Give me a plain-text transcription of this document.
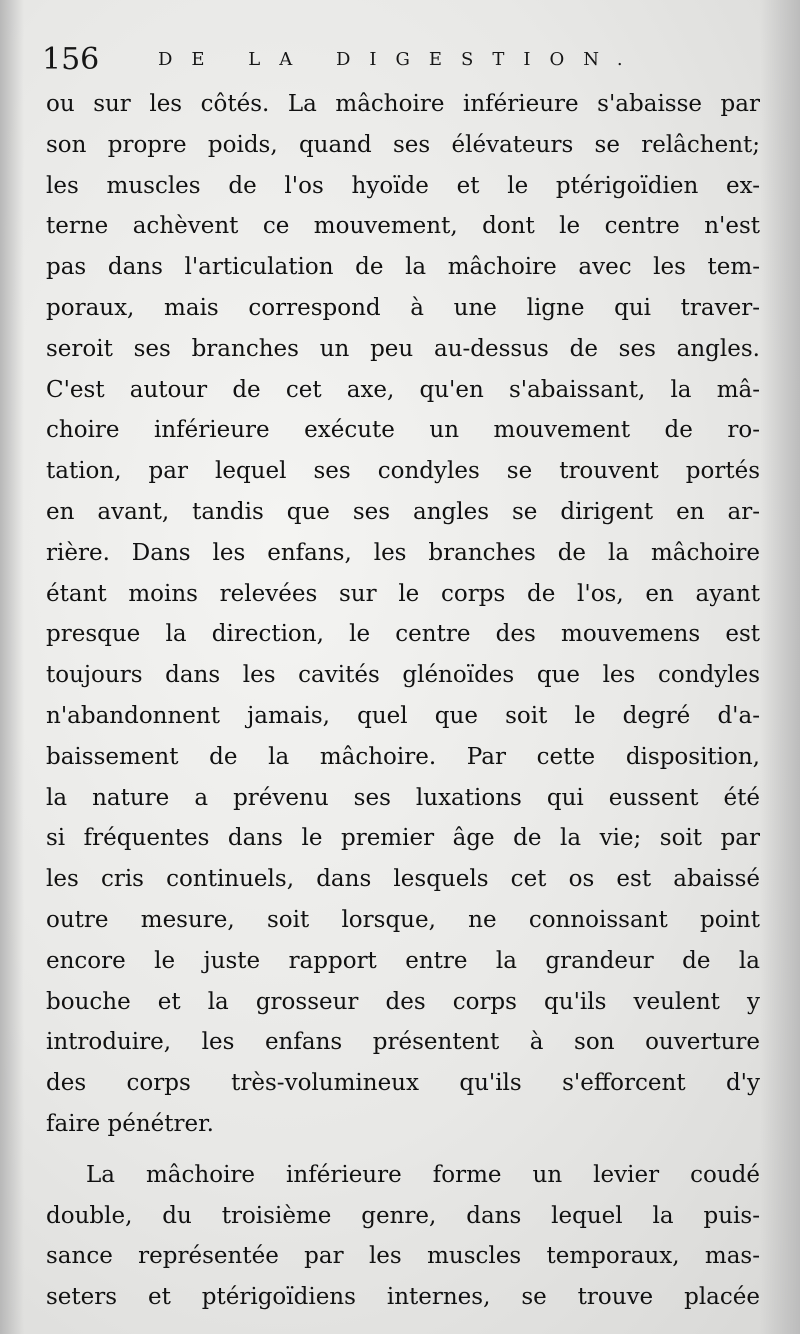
156	DE LA DIGESTION.
ou sur les côtés. La mâchoire inférieure s'abaisse par
son propre poids, quand ses élévateurs se relâchent;
les muscles de l'os hyoïde et le ptérigoïdien ex-
terne achèvent ce mouvement, dont le centre n'est
pas dans l'articulation de la mâchoire avec les tem-
poraux, mais correspond à une ligne qui traver-
seroit ses branches un peu au-dessus de ses angles.
C'est autour de cet axe, qu'en s'abaissant, la mâ-
choire inférieure exécute un mouvement de ro-
tation, par lequel ses condyles se trouvent portés
en avant, tandis que ses angles se dirigent en ar-
rière. Dans les enfans, les branches de la mâchoire
étant moins relevées sur le corps de l'os, en ayant
presque la direction, le centre des mouvemens est
toujours dans les cavités glénoïdes que les condyles
n'abandonnent jamais, quel que soit le degré d'a-
baissement de la mâchoire. Par cette disposition,
la nature a prévenu ses luxations qui eussent été
si fréquentes dans le premier âge de la vie; soit par
les cris continuels, dans lesquels cet os est abaissé
outre mesure, soit lorsque, ne connoissant point
encore le juste rapport entre la grandeur de la
bouche et la grosseur des corps qu'ils veulent y
introduire, les enfans présentent à son ouverture
des corps très-volumineux qu'ils s'efforcent d'y
faire pénétrer.
La mâchoire inférieure forme un levier coudé
double, du troisième genre, dans lequel la puis-
sance représentée par les muscles temporaux, mas-
seters et ptérigoïdiens internes, se trouve placée
